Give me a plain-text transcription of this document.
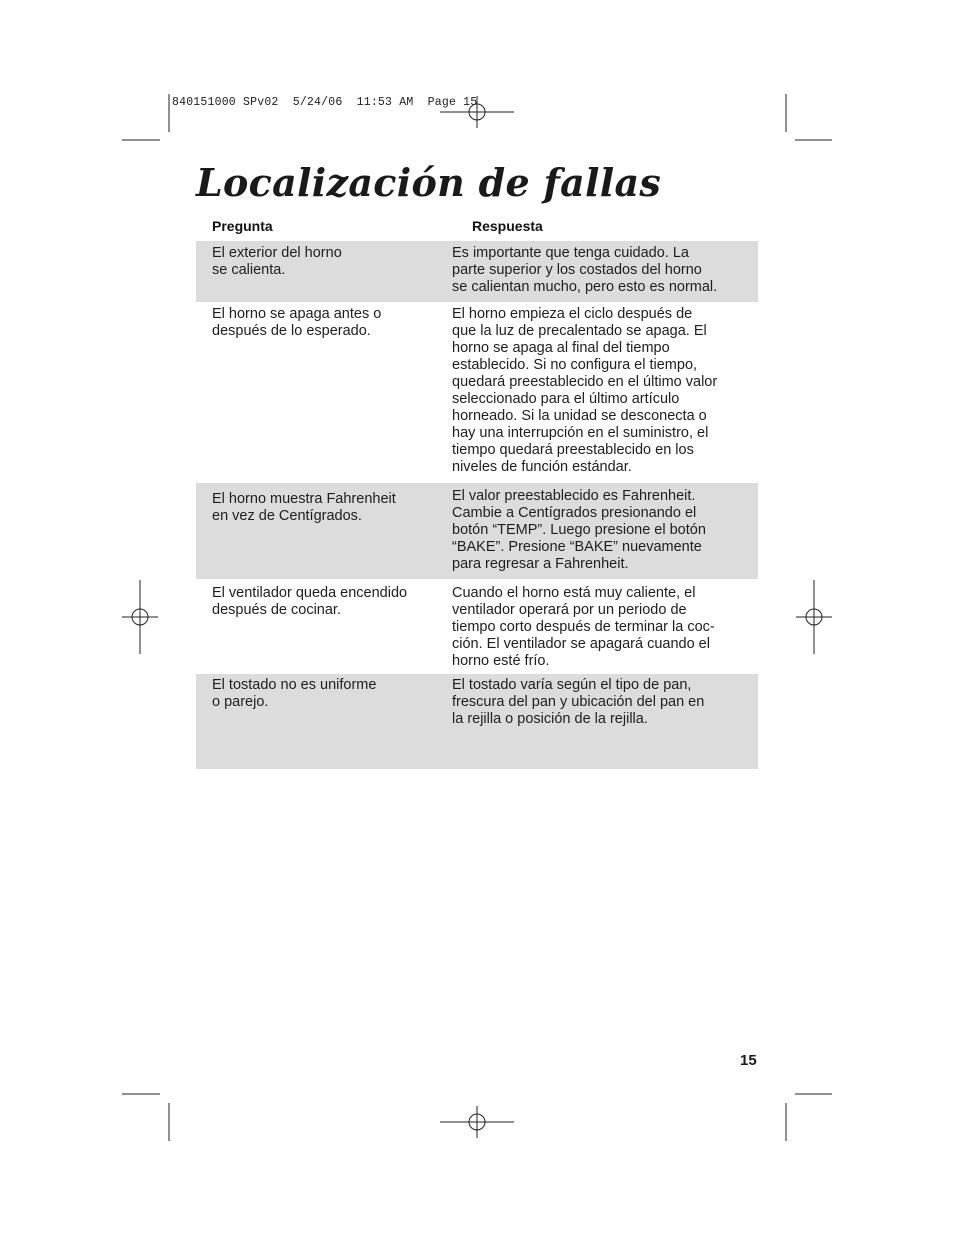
840151000 SPv02  5/24/06  11:53 AM  Page 15
Localización de fallas
Pregunta	Respuesta
El exterior del horno
se calienta.
Es importante que tenga cuidado. La
parte superior y los costados del horno
se calientan mucho, pero esto es normal.
El horno se apaga antes o
después de lo esperado.
El horno empieza el ciclo después de
que la luz de precalentado se apaga. El
horno se apaga al final del tiempo
establecido. Si no configura el tiempo,
quedará preestablecido en el último valor
seleccionado para el último artículo
horneado. Si la unidad se desconecta o
hay una interrupción en el suministro, el
tiempo quedará preestablecido en los
niveles de función estándar.
El horno muestra Fahrenheit
en vez de Centígrados.
El valor preestablecido es Fahrenheit.
Cambie a Centígrados presionando el
botón “TEMP”. Luego presione el botón
“BAKE”. Presione “BAKE” nuevamente
para regresar a Fahrenheit.
El ventilador queda encendido
después de cocinar.
Cuando el horno está muy caliente, el
ventilador operará por un periodo de
tiempo corto después de terminar la coc-
ción. El ventilador se apagará cuando el
horno esté frío.
El tostado no es uniforme
o parejo.
El tostado varía según el tipo de pan,
frescura del pan y ubicación del pan en
la rejilla o posición de la rejilla.
15
